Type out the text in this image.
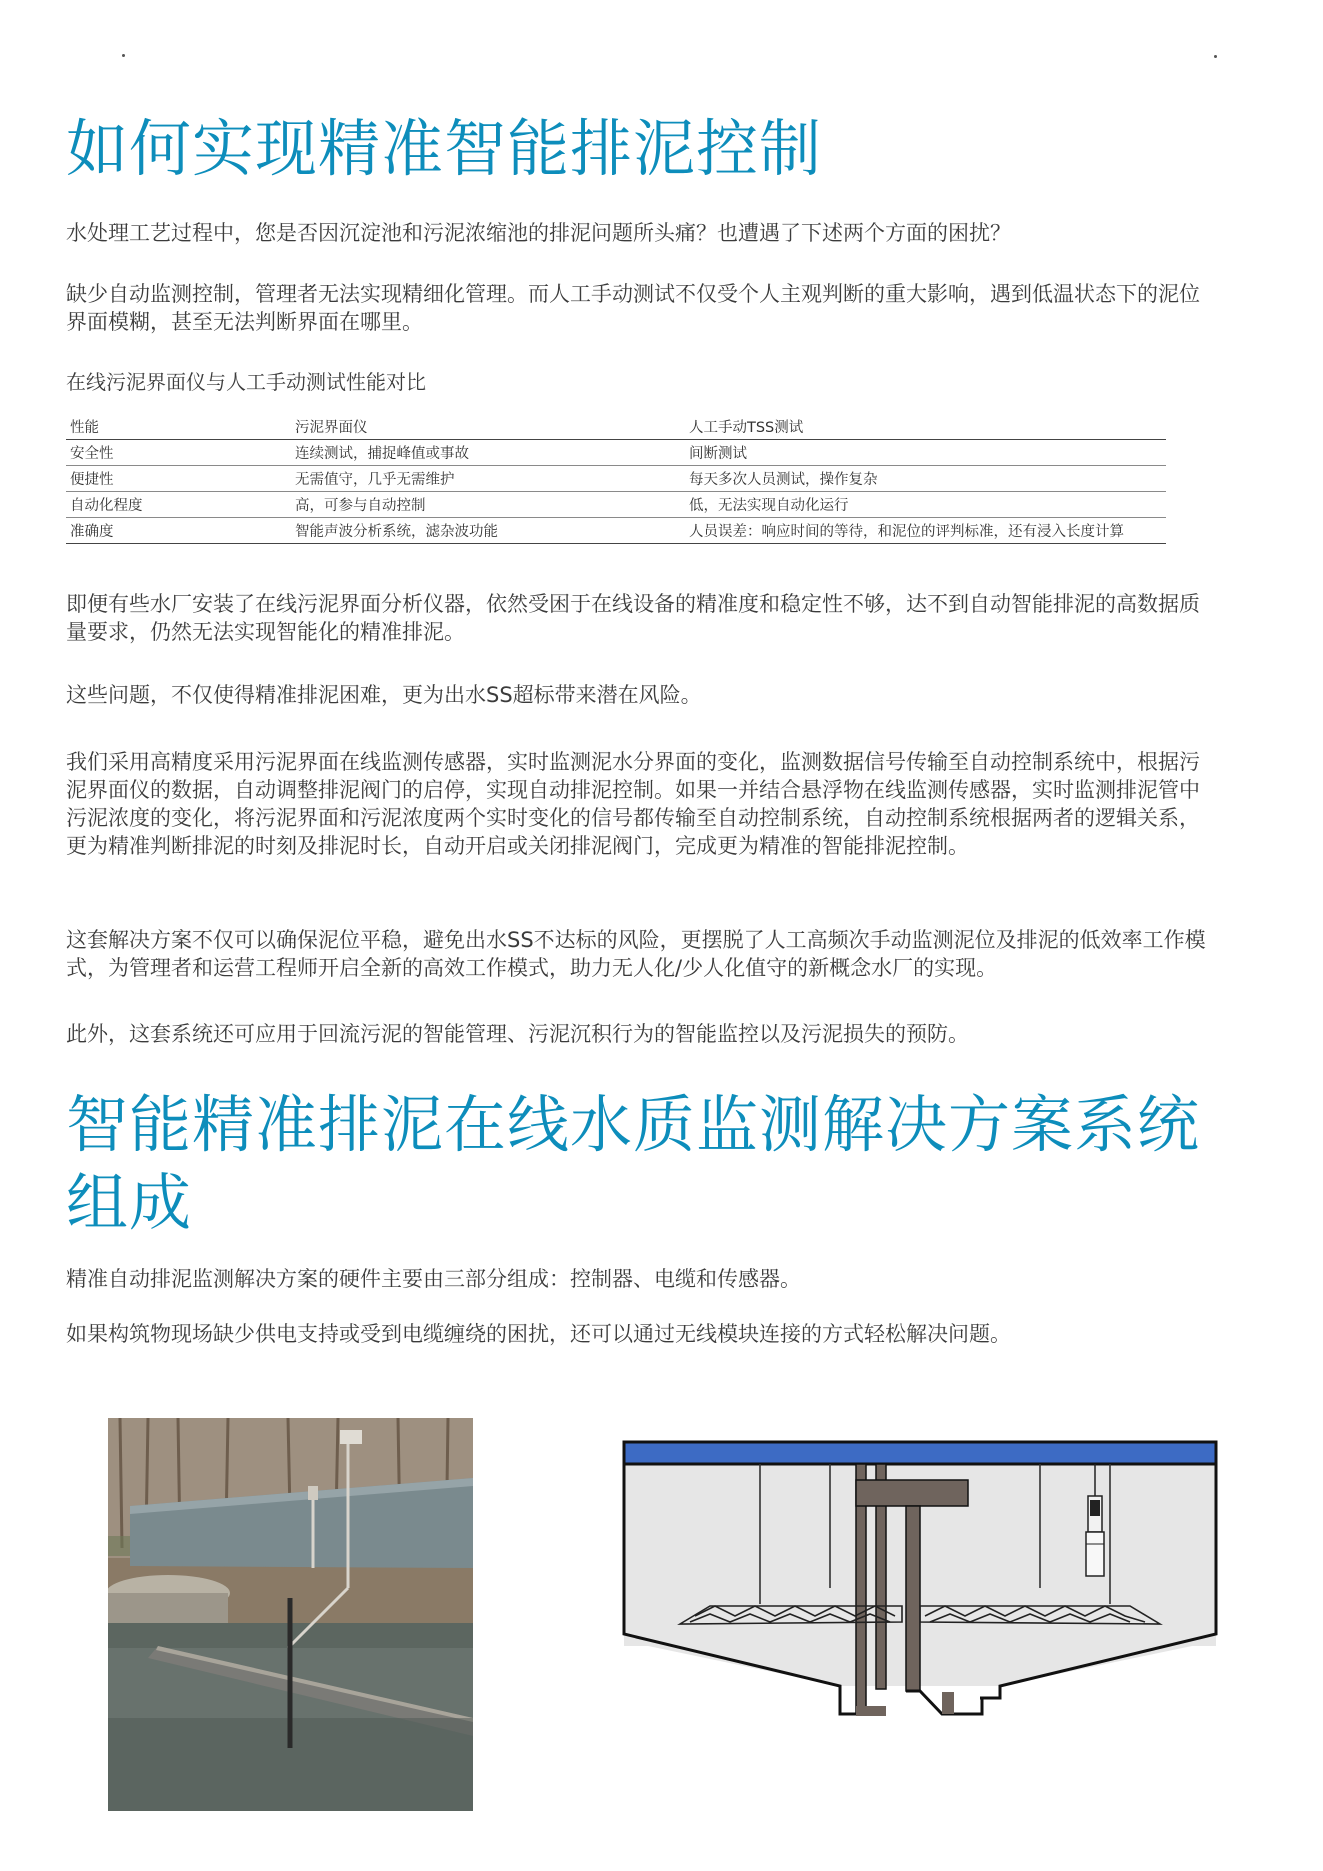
如何实现精准智能排泥控制

水处理工艺过程中，您是否因沉淀池和污泥浓缩池的排泥问题所头痛？也遭遇了下述两个方面的困扰？

缺少自动监测控制，管理者无法实现精细化管理。而人工手动测试不仅受个人主观判断的重大影响，遇到低温状态下的泥位界面模糊，甚至无法判断界面在哪里。

在线污泥界面仪与人工手动测试性能对比

性能	污泥界面仪	人工手动TSS测试
安全性	连续测试，捕捉峰值或事故	间断测试
便捷性	无需值守，几乎无需维护	每天多次人员测试，操作复杂
自动化程度	高，可参与自动控制	低，无法实现自动化运行
准确度	智能声波分析系统，滤杂波功能	人员误差：响应时间的等待，和泥位的评判标准，还有浸入长度计算

即便有些水厂安装了在线污泥界面分析仪器，依然受困于在线设备的精准度和稳定性不够，达不到自动智能排泥的高数据质量要求，仍然无法实现智能化的精准排泥。

这些问题，不仅使得精准排泥困难，更为出水SS超标带来潜在风险。

我们采用高精度采用污泥界面在线监测传感器，实时监测泥水分界面的变化，监测数据信号传输至自动控制系统中，根据污泥界面仪的数据，自动调整排泥阀门的启停，实现自动排泥控制。如果一并结合悬浮物在线监测传感器，实时监测排泥管中污泥浓度的变化，将污泥界面和污泥浓度两个实时变化的信号都传输至自动控制系统，自动控制系统根据两者的逻辑关系，更为精准判断排泥的时刻及排泥时长，自动开启或关闭排泥阀门，完成更为精准的智能排泥控制。

这套解决方案不仅可以确保泥位平稳，避免出水SS不达标的风险，更摆脱了人工高频次手动监测泥位及排泥的低效率工作模式，为管理者和运营工程师开启全新的高效工作模式，助力无人化/少人化值守的新概念水厂的实现。

此外，这套系统还可应用于回流污泥的智能管理、污泥沉积行为的智能监控以及污泥损失的预防。

智能精准排泥在线水质监测解决方案系统组成

精准自动排泥监测解决方案的硬件主要由三部分组成：控制器、电缆和传感器。

如果构筑物现场缺少供电支持或受到电缆缠绕的困扰，还可以通过无线模块连接的方式轻松解决问题。
